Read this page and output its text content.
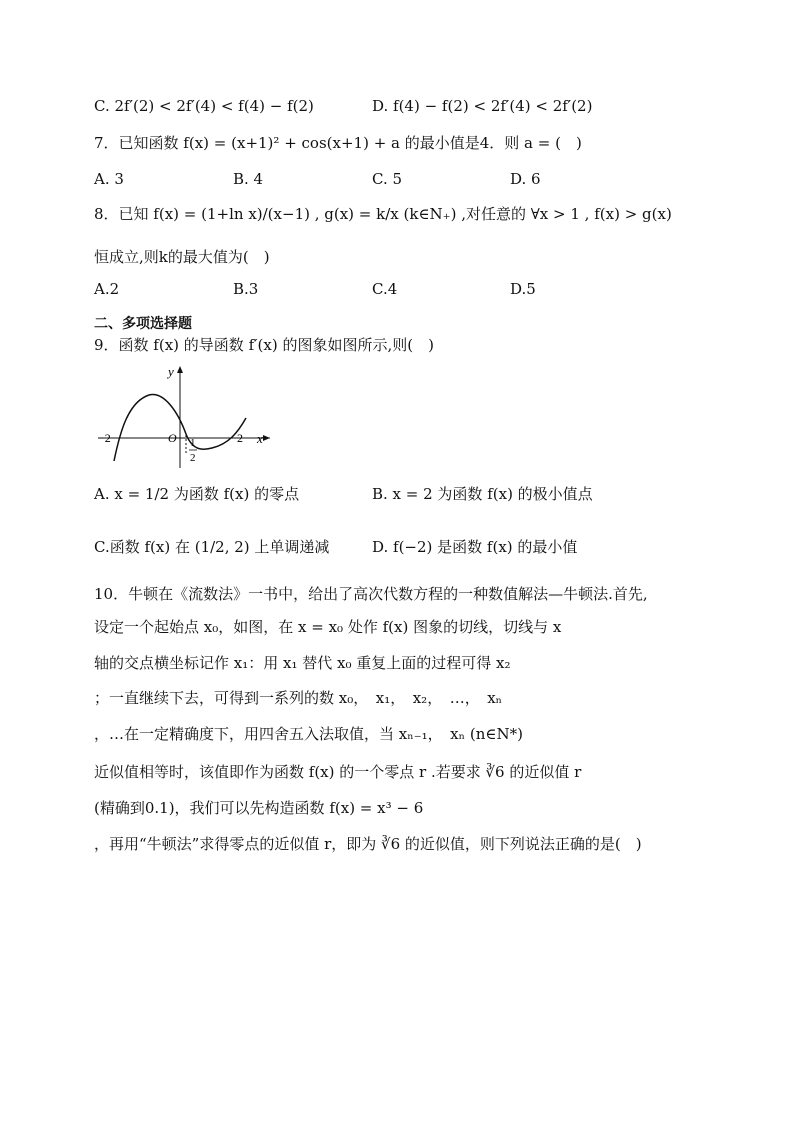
C. 2f′(2) < 2f′(4) < f(4) − f(2)	D. f(4) − f(2) < 2f′(4) < 2f′(2)
7．已知函数 f(x) = (x+1)² + cos(x+1) + a 的最小值是4．则 a = (　)
A. 3	B. 4	C. 5	D. 6
8．已知 f(x) = (1+ln x)/(x−1) , g(x) = k/x (k∈N₊) ,对任意的 ∀x > 1 , f(x) > g(x)
恒成立,则k的最大值为(　)
A.2	B.3	C.4	D.5
二、多项选择题
9．函数 f(x) 的导函数 f′(x) 的图象如图所示,则(　)
y
x
−2	O 1
2
2
A. x = 1/2 为函数 f(x) 的零点	B. x = 2 为函数 f(x) 的极小值点
C.函数 f(x) 在 (1/2, 2) 上单调递减	D. f(−2) 是函数 f(x) 的最小值
10．牛顿在《流数法》一书中，给出了高次代数方程的一种数值解法—牛顿法.首先,
设定一个起始点 x₀，如图，在 x = x₀ 处作 f(x) 图象的切线，切线与 x
轴的交点横坐标记作 x₁：用 x₁ 替代 x₀ 重复上面的过程可得 x₂
；一直继续下去，可得到一系列的数 x₀，　x₁，　x₂，　…，　xₙ
，…在一定精确度下，用四舍五入法取值，当 xₙ₋₁，　xₙ (n∈N*)
近似值相等时，该值即作为函数 f(x) 的一个零点 r .若要求 ∛6 的近似值 r
(精确到0.1)，我们可以先构造函数 f(x) = x³ − 6
，再用“牛顿法”求得零点的近似值 r，即为 ∛6 的近似值，则下列说法正确的是(　)
